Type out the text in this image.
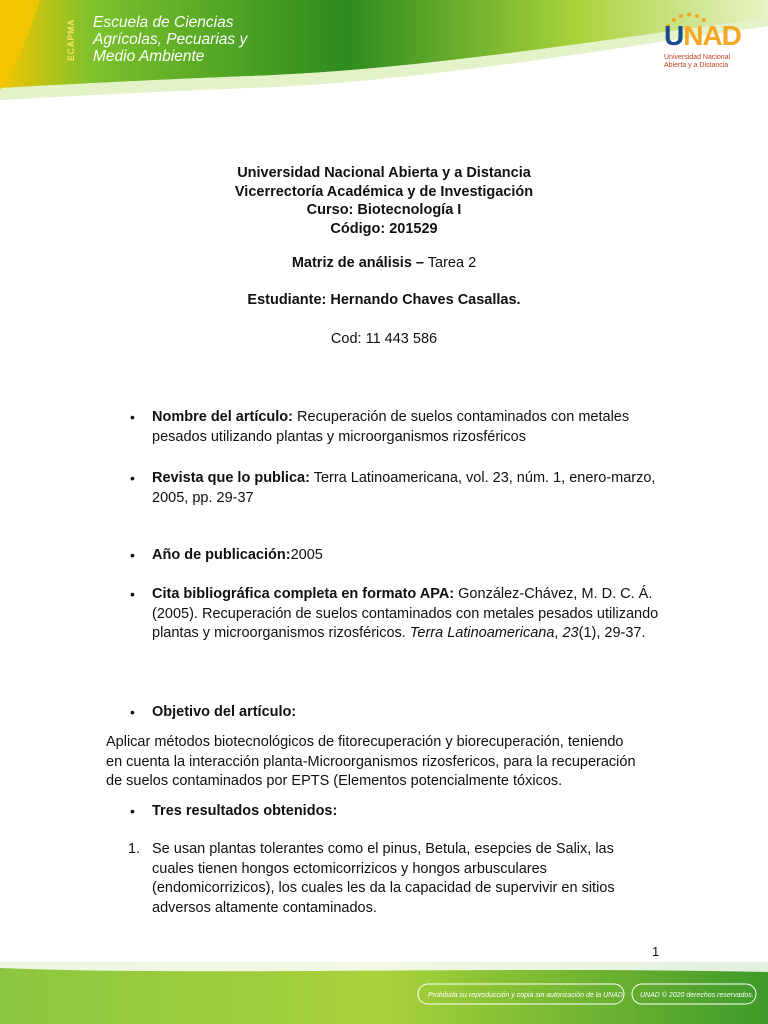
ECAPMA Escuela de Ciencias
Agrícolas, Pecuarias y
Medio Ambiente
UNAD
Universidad Nacional
Abierta y a Distancia
Universidad Nacional Abierta y a Distancia
Vicerrectoría Académica y de Investigación
Curso: Biotecnología I
Código: 201529
Matriz de análisis – Tarea 2
Estudiante: Hernando Chaves Casallas.
Cod: 11 443 586
• Nombre del artículo: Recuperación de suelos contaminados con metales pesados utilizando plantas y microorganismos rizosféricos
• Revista que lo publica: Terra Latinoamericana, vol. 23, núm. 1, enero-marzo, 2005, pp. 29-37
• Año de publicación:2005
• Cita bibliográfica completa en formato APA: González-Chávez, M. D. C. Á. (2005). Recuperación de suelos contaminados con metales pesados utilizando plantas y microorganismos rizosféricos. Terra Latinoamericana, 23(1), 29-37.
• Objetivo del artículo:
Aplicar métodos biotecnológicos de fitorecuperación y biorecuperación, teniendo en cuenta la interacción planta-Microorganismos rizosfericos, para la recuperación de suelos contaminados por EPTS (Elementos potencialmente tóxicos.
• Tres resultados obtenidos:
1. Se usan plantas tolerantes como el pinus, Betula, esepcies de Salix, las cuales tienen hongos ectomicorrizicos y hongos arbusculares (endomicorrizicos), los cuales les da la capacidad de supervivir en sitios adversos altamente contaminados.
1
Prohibida su reproducción y copia sin autorización de la UNAD. UNAD © 2020 derechos reservados.
